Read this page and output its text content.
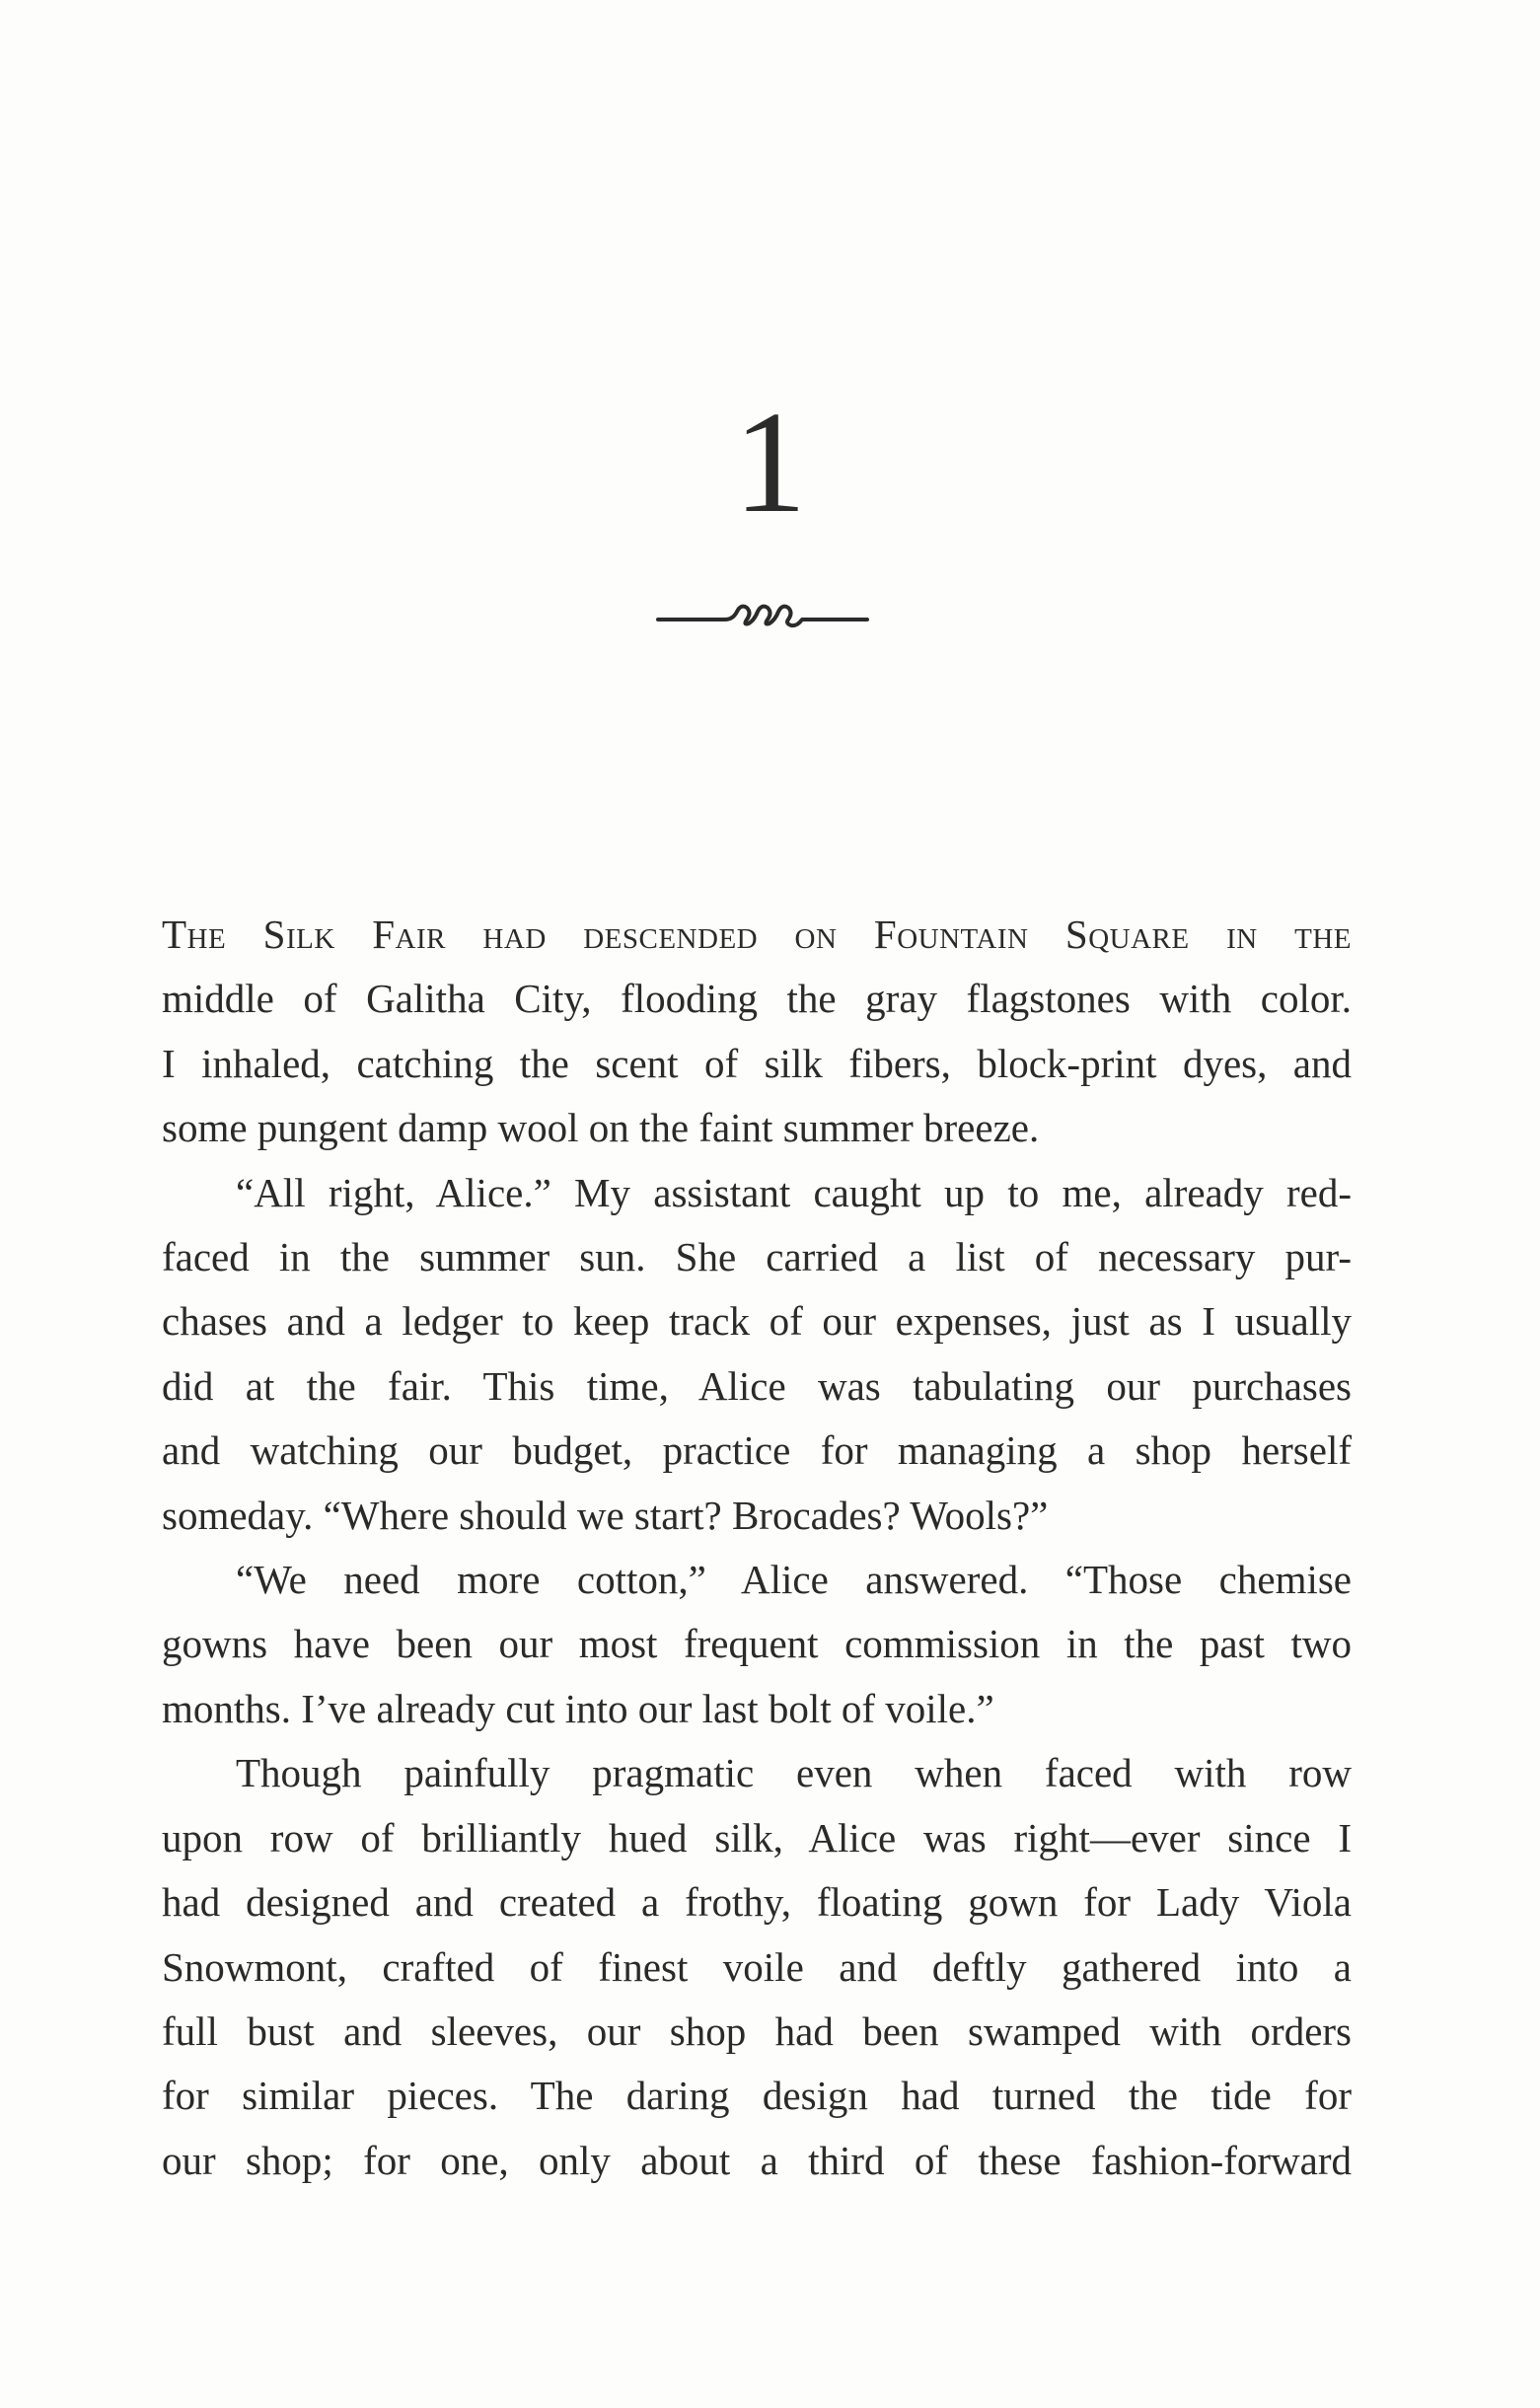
1
The Silk Fair had descended on Fountain Square in the
middle of Galitha City, flooding the gray flagstones with color.
I inhaled, catching the scent of silk fibers, block-print dyes, and
some pungent damp wool on the faint summer breeze.
“All right, Alice.” My assistant caught up to me, already red-
faced in the summer sun. She carried a list of necessary pur-
chases and a ledger to keep track of our expenses, just as I usually
did at the fair. This time, Alice was tabulating our purchases
and watching our budget, practice for managing a shop herself
someday. “Where should we start? Brocades? Wools?”
“We need more cotton,” Alice answered. “Those chemise
gowns have been our most frequent commission in the past two
months. I’ve already cut into our last bolt of voile.”
Though painfully pragmatic even when faced with row
upon row of brilliantly hued silk, Alice was right—ever since I
had designed and created a frothy, floating gown for Lady Viola
Snowmont, crafted of finest voile and deftly gathered into a
full bust and sleeves, our shop had been swamped with orders
for similar pieces. The daring design had turned the tide for
our shop; for one, only about a third of these fashion-forward
